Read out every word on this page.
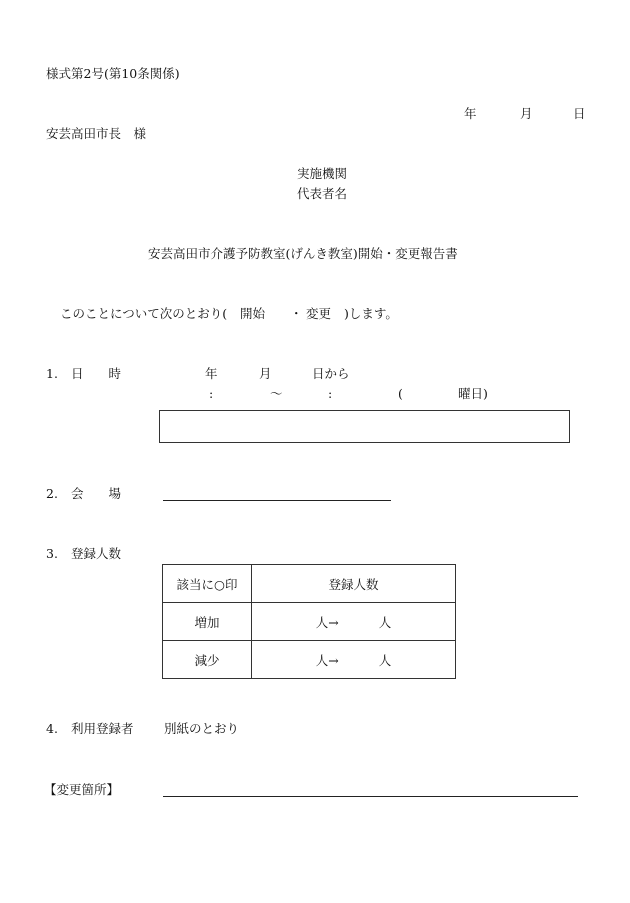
様式第2号(第10条関係)
年	月	日
安芸高田市長　様
実施機関
代表者名
安芸高田市介護予防教室(げんき教室)開始・変更報告書
このことについて次のとおり( 開始 ・ 変更 )します。
1. 日　　時	年	月	日から
:	〜	:	(	曜日)
2. 会　　場
3. 登録人数
該当に○印	登録人数
増加	人→ 人
減少	人→ 人
4. 利用登録者 別紙のとおり
【変更箇所】
